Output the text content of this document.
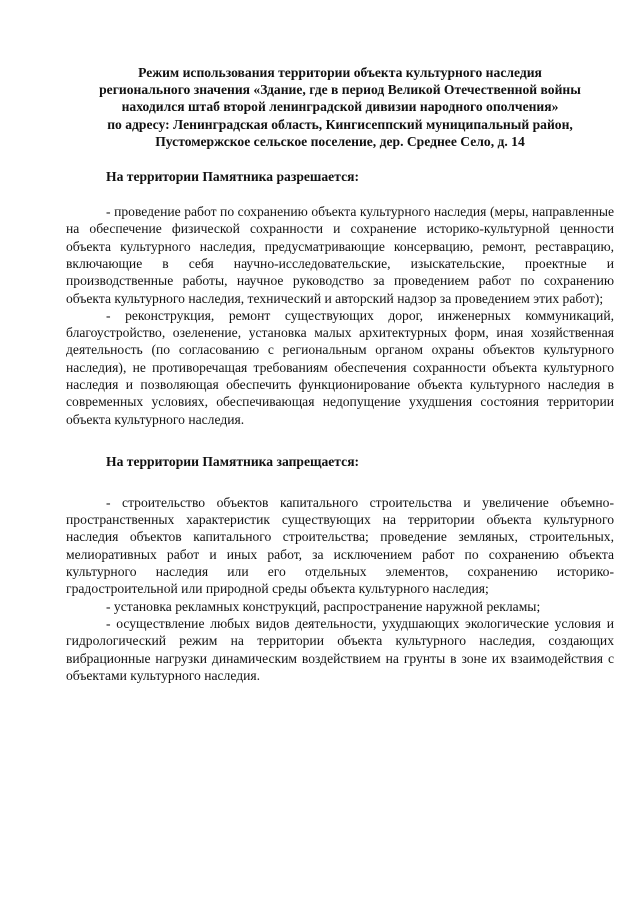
Режим использования территории объекта культурного наследия
регионального значения «Здание, где в период Великой Отечественной войны
находился штаб второй ленинградской дивизии народного ополчения»
по адресу: Ленинградская область, Кингисеппский муниципальный район,
Пустомержское сельское поселение, дер. Среднее Село, д. 14
На территории Памятника разрешается:

- проведение работ по сохранению объекта культурного наследия (меры, направленные на обеспечение физической сохранности и сохранение историко-культурной ценности объекта культурного наследия, предусматривающие консервацию, ремонт, реставрацию, включающие в себя научно-исследовательские, изыскательские, проектные и производственные работы, научное руководство за проведением работ по сохранению объекта культурного наследия, технический и авторский надзор за проведением этих работ);

- реконструкция, ремонт существующих дорог, инженерных коммуникаций, благоустройство, озеленение, установка малых архитектурных форм, иная хозяйственная деятельность (по согласованию с региональным органом охраны объектов культурного наследия), не противоречащая требованиям обеспечения сохранности объекта культурного наследия и позволяющая обеспечить функционирование объекта культурного наследия в современных условиях, обеспечивающая недопущение ухудшения состояния территории объекта культурного наследия.

На территории Памятника запрещается:

- строительство объектов капитального строительства и увеличение объемно-пространственных характеристик существующих на территории объекта культурного наследия объектов капитального строительства; проведение земляных, строительных, мелиоративных работ и иных работ, за исключением работ по сохранению объекта культурного наследия или его отдельных элементов, сохранению историко-градостроительной или природной среды объекта культурного наследия;

- установка рекламных конструкций, распространение наружной рекламы;

- осуществление любых видов деятельности, ухудшающих экологические условия и гидрологический режим на территории объекта культурного наследия, создающих вибрационные нагрузки динамическим воздействием на грунты в зоне их взаимодействия с объектами культурного наследия.
